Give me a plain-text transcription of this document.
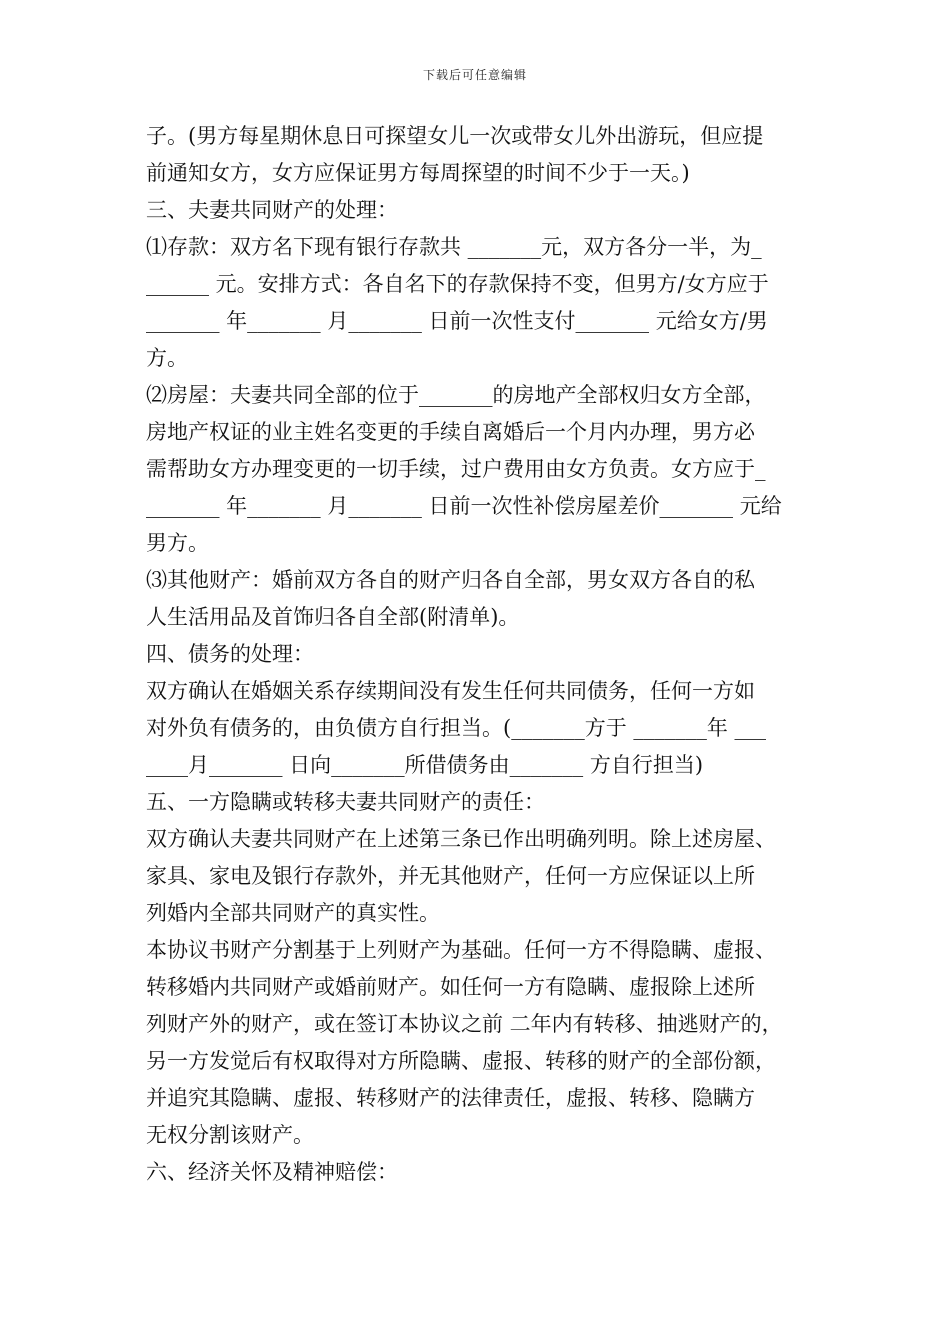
下载后可任意编辑
子。(男方每星期休息日可探望女儿一次或带女儿外出游玩，但应提
前通知女方，女方应保证男方每周探望的时间不少于一天。)
三、夫妻共同财产的处理：
⑴存款：双方名下现有银行存款共 _______元，双方各分一半，为_
______ 元。安排方式：各自名下的存款保持不变，但男方/女方应于
_______ 年_______ 月_______ 日前一次性支付_______ 元给女方/男
方。
⑵房屋：夫妻共同全部的位于_______的房地产全部权归女方全部，
房地产权证的业主姓名变更的手续自离婚后一个月内办理，男方必
需帮助女方办理变更的一切手续，过户费用由女方负责。女方应于_
_______ 年_______ 月_______ 日前一次性补偿房屋差价_______ 元给
男方。
⑶其他财产：婚前双方各自的财产归各自全部，男女双方各自的私
人生活用品及首饰归各自全部(附清单)。
四、债务的处理：
双方确认在婚姻关系存续期间没有发生任何共同债务，任何一方如
对外负有债务的，由负债方自行担当。(_______方于 _______年 ___
____月_______ 日向_______所借债务由_______ 方自行担当)
五、一方隐瞒或转移夫妻共同财产的责任：
双方确认夫妻共同财产在上述第三条已作出明确列明。除上述房屋、
家具、家电及银行存款外，并无其他财产，任何一方应保证以上所
列婚内全部共同财产的真实性。
本协议书财产分割基于上列财产为基础。任何一方不得隐瞒、虚报、
转移婚内共同财产或婚前财产。如任何一方有隐瞒、虚报除上述所
列财产外的财产，或在签订本协议之前 二年内有转移、抽逃财产的，
另一方发觉后有权取得对方所隐瞒、虚报、转移的财产的全部份额，
并追究其隐瞒、虚报、转移财产的法律责任，虚报、转移、隐瞒方
无权分割该财产。
六、经济关怀及精神赔偿：
